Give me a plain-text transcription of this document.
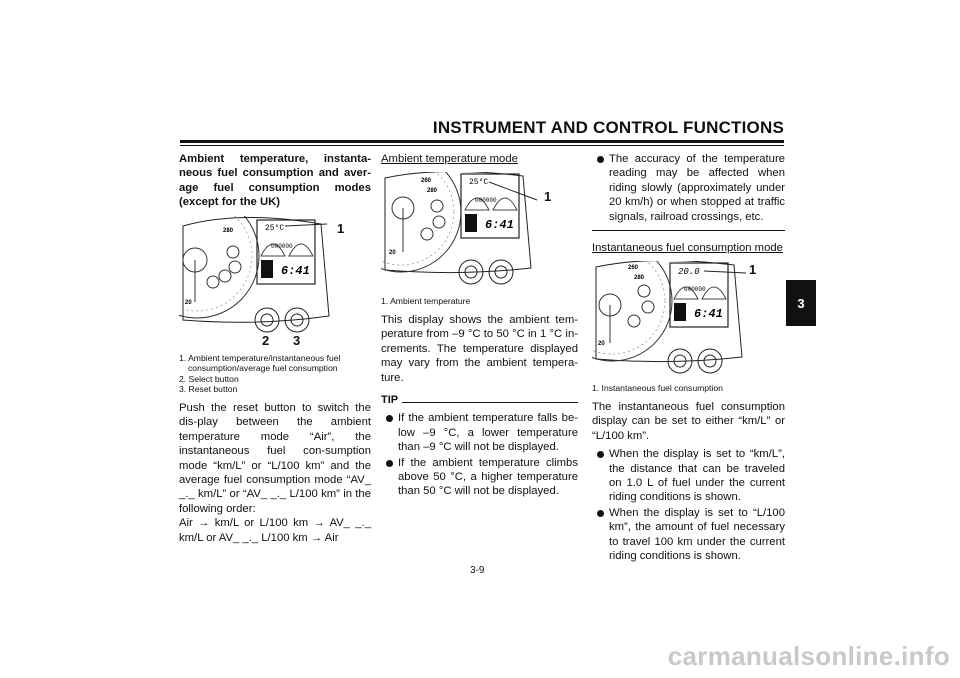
INSTRUMENT AND CONTROL FUNCTIONS
3

Ambient temperature, instanta-neous fuel consumption and aver-age fuel consumption modes (except for the UK)

280
20
25°C
000000
6:41
1
2 3
1. Ambient temperature/instantaneous fuel
consumption/average fuel consumption
2. Select button
3. Reset button

Push the reset button to switch the dis-play between the ambient temperature mode “Air”, the instantaneous fuel con-sumption mode “km/L” or “L/100 km” and the average fuel consumption mode “AV_ _._ km/L” or “AV_ _._ L/100 km” in the following order:

Air → km/L or L/100 km → AV_ _._

km/L or AV_ _._ L/100 km → Air

Ambient temperature mode

260
280
20
25°C
000000
6:41
1
1. Ambient temperature

This display shows the ambient tem-perature from –9 °C to 50 °C in 1 °C in-crements. The temperature displayed may vary from the ambient tempera-ture.

TIP
If the ambient temperature falls be-low –9 °C, a lower temperature than –9 °C will not be displayed.
If the ambient temperature climbs above 50 °C, a higher temperature than 50 °C will not be displayed.
The accuracy of the temperature reading may be affected when riding slowly (approximately under 20 km/h) or when stopped at traffic signals, railroad crossings, etc.

Instantaneous fuel consumption mode

260
280
20
20.0
000000
6:41
1
1. Instantaneous fuel consumption

The instantaneous fuel consumption display can be set to either “km/L” or “L/100 km”.

When the display is set to “km/L”, the distance that can be traveled on 1.0 L of fuel under the current riding conditions is shown.
When the display is set to “L/100 km”, the amount of fuel necessary to travel 100 km under the current riding conditions is shown.
3-9
carmanualsonline.info
